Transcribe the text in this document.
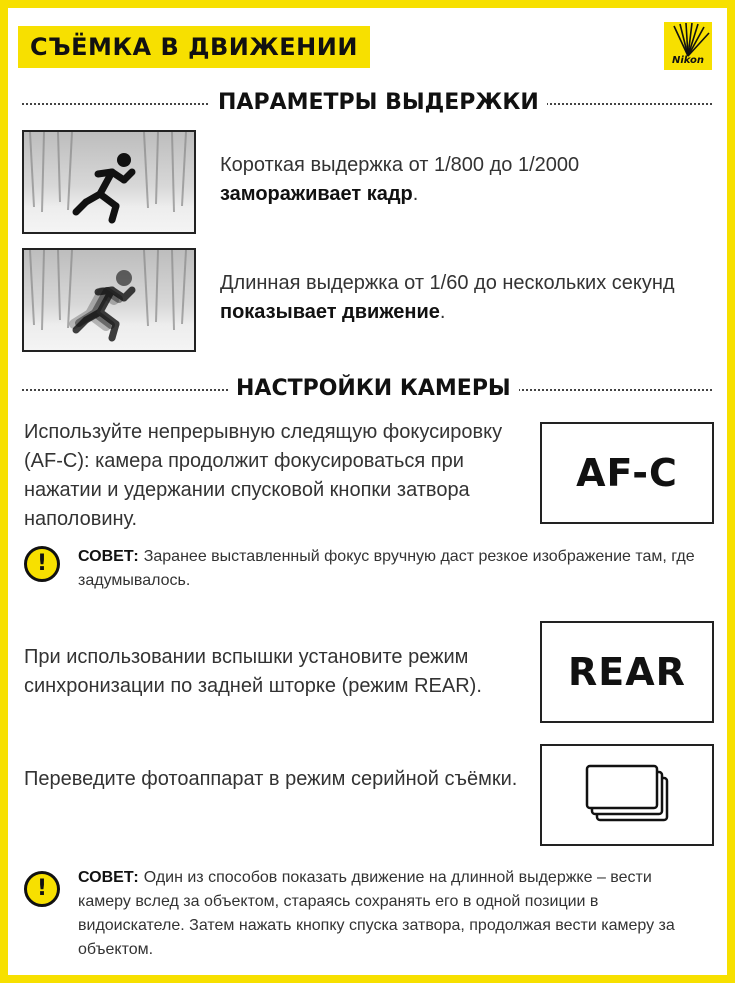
СЪЁМКА В ДВИЖЕНИИ	Nikon
ПАРАМЕТРЫ ВЫДЕРЖКИ
Короткая выдержка от 1/800 до 1/2000
замораживает кадр.
Длинная выдержка от 1/60 до нескольких секунд
показывает движение.
НАСТРОЙКИ КАМЕРЫ
Используйте непрерывную следящую фокусировку (AF-C): камера продолжит фокусироваться при нажатии и удержании спусковой кнопки затвора наполовину.
AF-C
!	СОВЕТ: Заранее выставленный фокус вручную даст резкое изображение там, где задумывалось.
При использовании вспышки установите режим синхронизации по задней шторке (режим REAR).	REAR
Переведите фотоаппарат в режим серийной съёмки.
!	СОВЕТ: Один из способов показать движение на длинной выдержке – вести камеру вслед за объектом, стараясь сохранять его в одной позиции в видоискателе. Затем нажать кнопку спуска затвора, продолжая вести камеру за объектом.
